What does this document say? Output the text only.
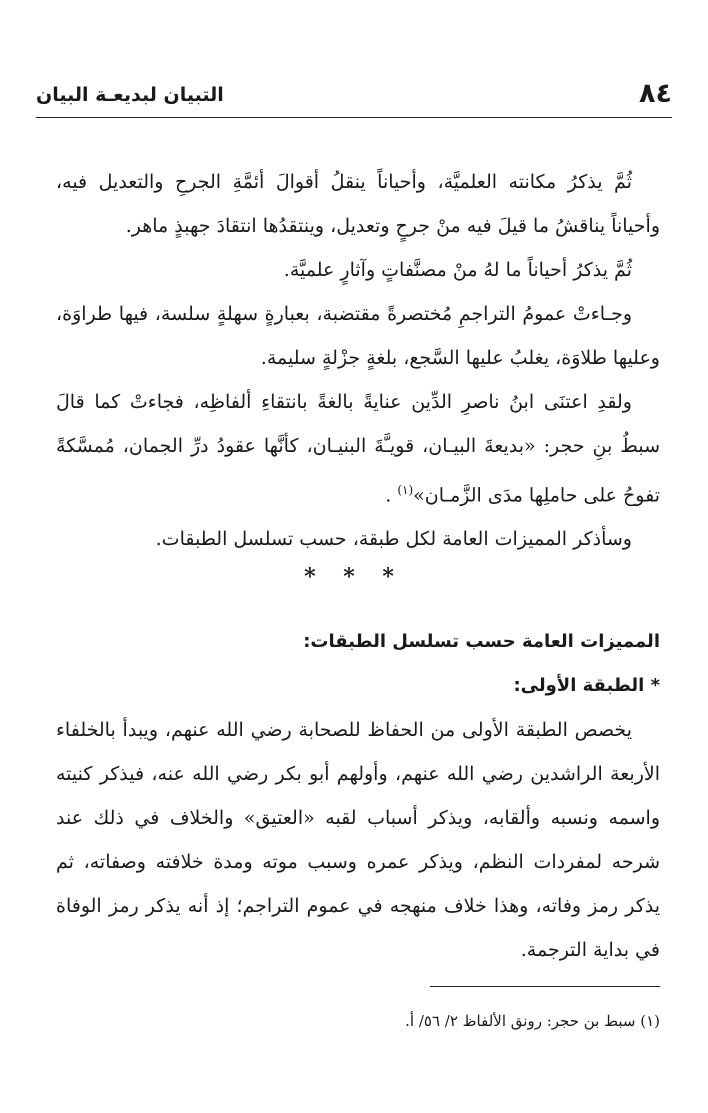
التبيان لبديعـة البيان	٨٤

ثُمَّ يذكرُ مكانته العلميَّة، وأحياناً ينقلُ أقوالَ أئمَّةِ الجرحِ والتعديل فيه، وأحياناً يناقشُ ما قيلَ فيه منْ جرحٍ وتعديل، وينتقدُها انتقادَ جهبذٍ ماهر.

ثُمَّ يذكرُ أحياناً ما لهُ منْ مصنَّفاتٍ وآثارٍ علميَّة.

وجـاءتْ عمومُ التراجمِ مُختصرةً مقتضبة، بعبارةٍ سهلةٍ سلسة، فيها طراوَة، وعليها طلاوَة، يغلبُ عليها السَّجع، بلغةٍ جزْلةٍ سليمة.

ولقدِ اعتنَى ابنُ ناصرِ الدِّين عنايةً بالغةً بانتقاءِ ألفاظِه، فجاءتْ كما قالَ سبطُ بنِ حجر: «بديعةَ البيـان، قويـَّةَ البنيـان، كأنَّها عقودُ درِّ الجمان، مُمسَّكةً تفوحُ على حاملِها مدَى الزَّمـان»$^{(١)}$ .

وسأذكر المميزات العامة لكل طبقة، حسب تسلسل الطبقات.

* * *

المميزات العامة حسب تسلسل الطبقات:

* الطبقة الأولى:

يخصص الطبقة الأولى من الحفاظ للصحابة رضي الله عنهم، ويبدأ بالخلفاء الأربعة الراشدين رضي الله عنهم، وأولهم أبو بكر رضي الله عنه، فيذكر كنيته واسمه ونسبه وألقابه، ويذكر أسباب لقبه «العتيق» والخلاف في ذلك عند شرحه لمفردات النظم، ويذكر عمره وسبب موته ومدة خلافته وصفاته، ثم يذكر رمز وفاته، وهذا خلاف منهجه في عموم التراجم؛ إذ أنه يذكر رمز الوفاة في بداية الترجمة.

(١) سبط بن حجر: رونق الألفاظ ٢/ ٥٦/ أ.
